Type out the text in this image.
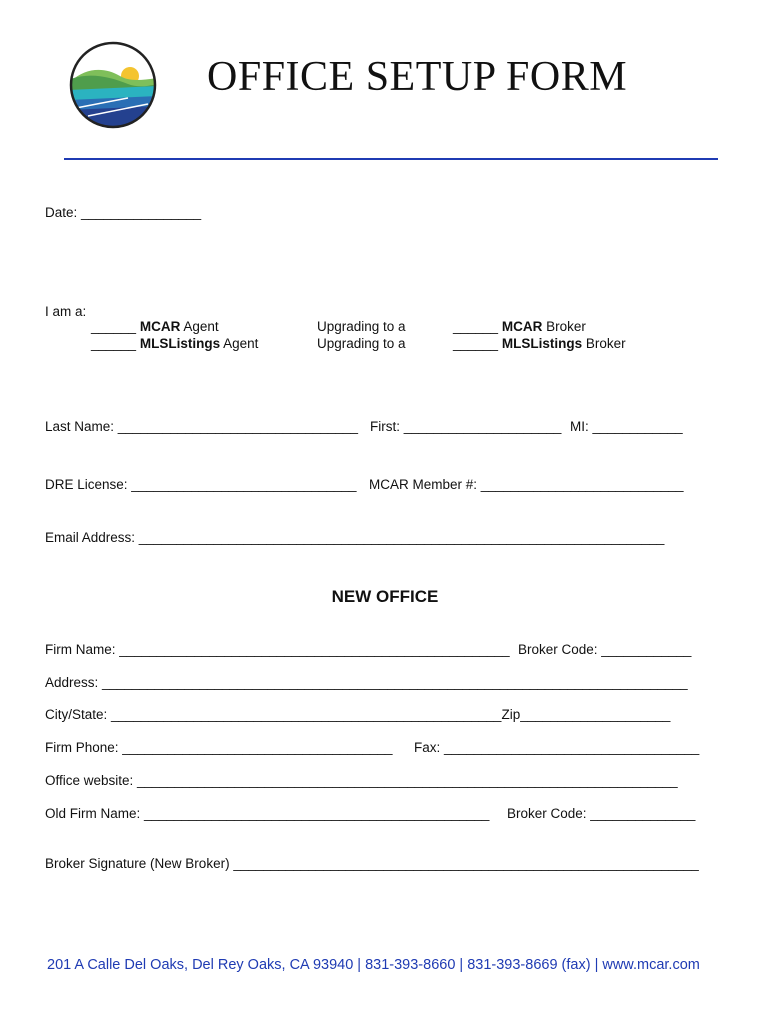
OFFICE SETUP FORM
Date: ________________
I am a:
______ MCAR Agent	Upgrading to a	______ MCAR Broker
______ MLSListings Agent	Upgrading to a	______ MLSListings Broker
Last Name: ________________________________ First: _____________________ MI: ____________
DRE License: ______________________________ MCAR Member #: ___________________________
Email Address: ______________________________________________________________________
NEW OFFICE
Firm Name: ____________________________________________________ Broker Code: ____________
Address: ______________________________________________________________________________
City/State: ____________________________________________________Zip____________________
Firm Phone: ____________________________________ Fax: __________________________________
Office website: ________________________________________________________________________
Old Firm Name: ______________________________________________ Broker Code: ______________
Broker Signature (New Broker) ______________________________________________________________
201 A Calle Del Oaks, Del Rey Oaks, CA 93940 | 831-393-8660 | 831-393-8669 (fax) | www.mcar.com
